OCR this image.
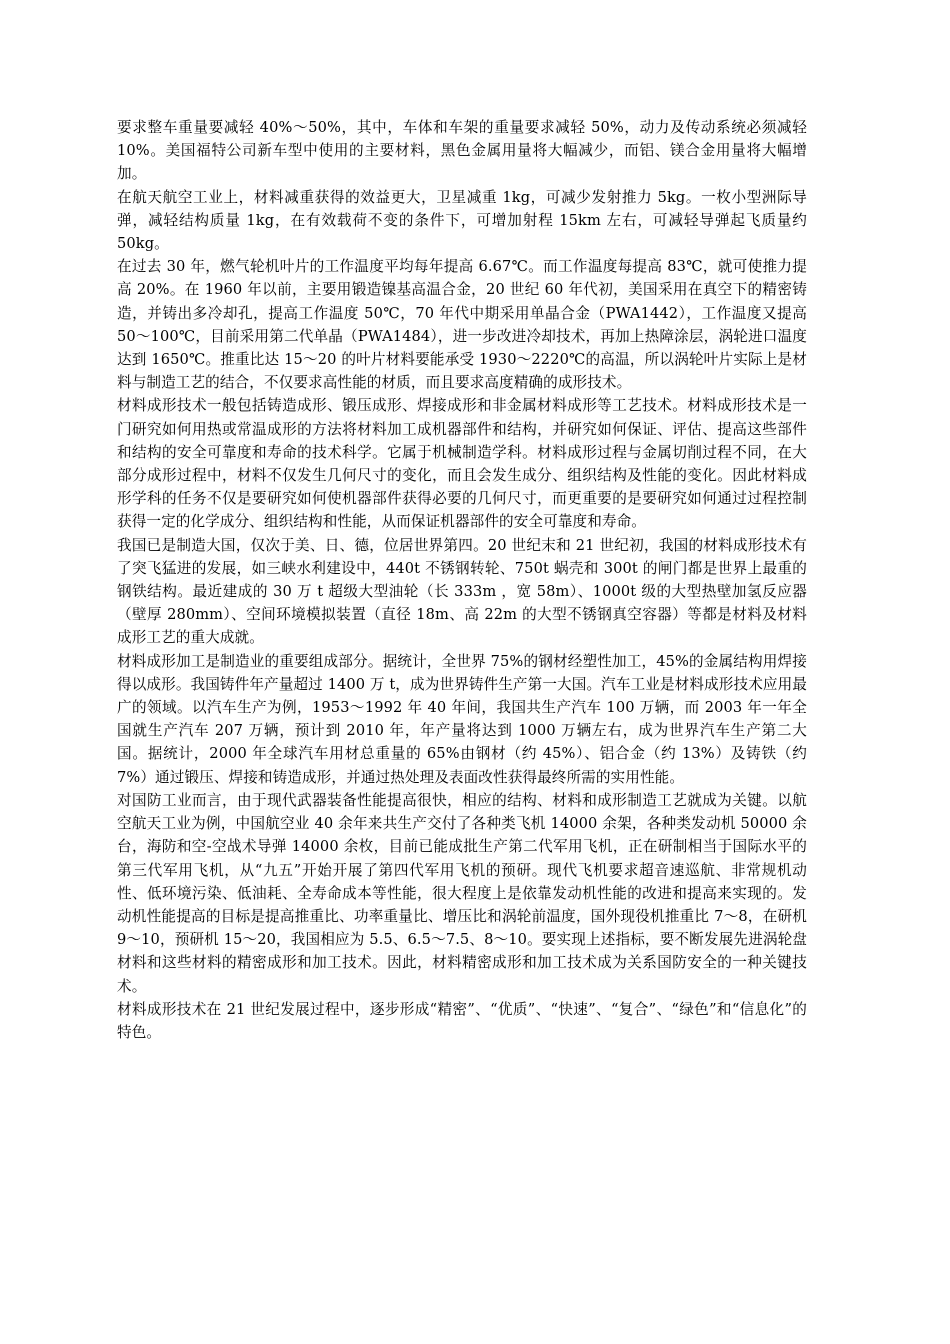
要求整车重量要减轻 40%～50%，其中，车体和车架的重量要求减轻 50%，动力及传动系统必须减轻 10%。美国福特公司新车型中使用的主要材料，黑色金属用量将大幅减少，而铝、镁合金用量将大幅增加。

在航天航空工业上，材料减重获得的效益更大，卫星减重 1kg，可减少发射推力 5kg。一枚小型洲际导弹，减轻结构质量 1kg，在有效载荷不变的条件下，可增加射程 15km 左右，可减轻导弹起飞质量约 50kg。

在过去 30 年，燃气轮机叶片的工作温度平均每年提高 6.67℃。而工作温度每提高 83℃，就可使推力提高 20%。在 1960 年以前，主要用锻造镍基高温合金，20 世纪 60 年代初，美国采用在真空下的精密铸造，并铸出多冷却孔，提高工作温度 50℃，70 年代中期采用单晶合金（PWA1442），工作温度又提高 50～100℃，目前采用第二代单晶（PWA1484），进一步改进冷却技术，再加上热障涂层，涡轮进口温度达到 1650℃。推重比达 15～20 的叶片材料要能承受 1930～2220℃的高温，所以涡轮叶片实际上是材料与制造工艺的结合，不仅要求高性能的材质，而且要求高度精确的成形技术。

材料成形技术一般包括铸造成形、锻压成形、焊接成形和非金属材料成形等工艺技术。材料成形技术是一门研究如何用热或常温成形的方法将材料加工成机器部件和结构，并研究如何保证、评估、提高这些部件和结构的安全可靠度和寿命的技术科学。它属于机械制造学科。材料成形过程与金属切削过程不同，在大部分成形过程中，材料不仅发生几何尺寸的变化，而且会发生成分、组织结构及性能的变化。因此材料成形学科的任务不仅是要研究如何使机器部件获得必要的几何尺寸，而更重要的是要研究如何通过过程控制获得一定的化学成分、组织结构和性能，从而保证机器部件的安全可靠度和寿命。

我国已是制造大国，仅次于美、日、德，位居世界第四。20 世纪末和 21 世纪初，我国的材料成形技术有了突飞猛进的发展，如三峡水利建设中，440t 不锈钢转轮、750t 蜗壳和 300t 的闸门都是世界上最重的钢铁结构。最近建成的 30 万 t 超级大型油轮（长 333m ，宽 58m）、1000t 级的大型热壁加氢反应器（壁厚 280mm）、空间环境模拟装置（直径 18m、高 22m 的大型不锈钢真空容器）等都是材料及材料成形工艺的重大成就。

材料成形加工是制造业的重要组成部分。据统计，全世界 75%的钢材经塑性加工，45%的金属结构用焊接得以成形。我国铸件年产量超过 1400 万 t，成为世界铸件生产第一大国。汽车工业是材料成形技术应用最广的领域。以汽车生产为例，1953～1992 年 40 年间，我国共生产汽车 100 万辆，而 2003 年一年全国就生产汽车 207 万辆，预计到 2010 年，年产量将达到 1000 万辆左右，成为世界汽车生产第二大国。据统计，2000 年全球汽车用材总重量的 65%由钢材（约 45%）、铝合金（约 13%）及铸铁（约 7%）通过锻压、焊接和铸造成形，并通过热处理及表面改性获得最终所需的实用性能。

对国防工业而言，由于现代武器装备性能提高很快，相应的结构、材料和成形制造工艺就成为关键。以航空航天工业为例，中国航空业 40 余年来共生产交付了各种类飞机 14000 余架，各种类发动机 50000 余台，海防和空-空战术导弹 14000 余枚，目前已能成批生产第二代军用飞机，正在研制相当于国际水平的第三代军用飞机，从“九五”开始开展了第四代军用飞机的预研。现代飞机要求超音速巡航、非常规机动性、低环境污染、低油耗、全寿命成本等性能，很大程度上是依靠发动机性能的改进和提高来实现的。发动机性能提高的目标是提高推重比、功率重量比、增压比和涡轮前温度，国外现役机推重比 7～8，在研机 9～10，预研机 15～20，我国相应为 5.5、6.5～7.5、8～10。要实现上述指标，要不断发展先进涡轮盘材料和这些材料的精密成形和加工技术。因此，材料精密成形和加工技术成为关系国防安全的一种关键技术。

材料成形技术在 21 世纪发展过程中，逐步形成“精密”、“优质”、“快速”、“复合”、“绿色”和“信息化”的特色。
